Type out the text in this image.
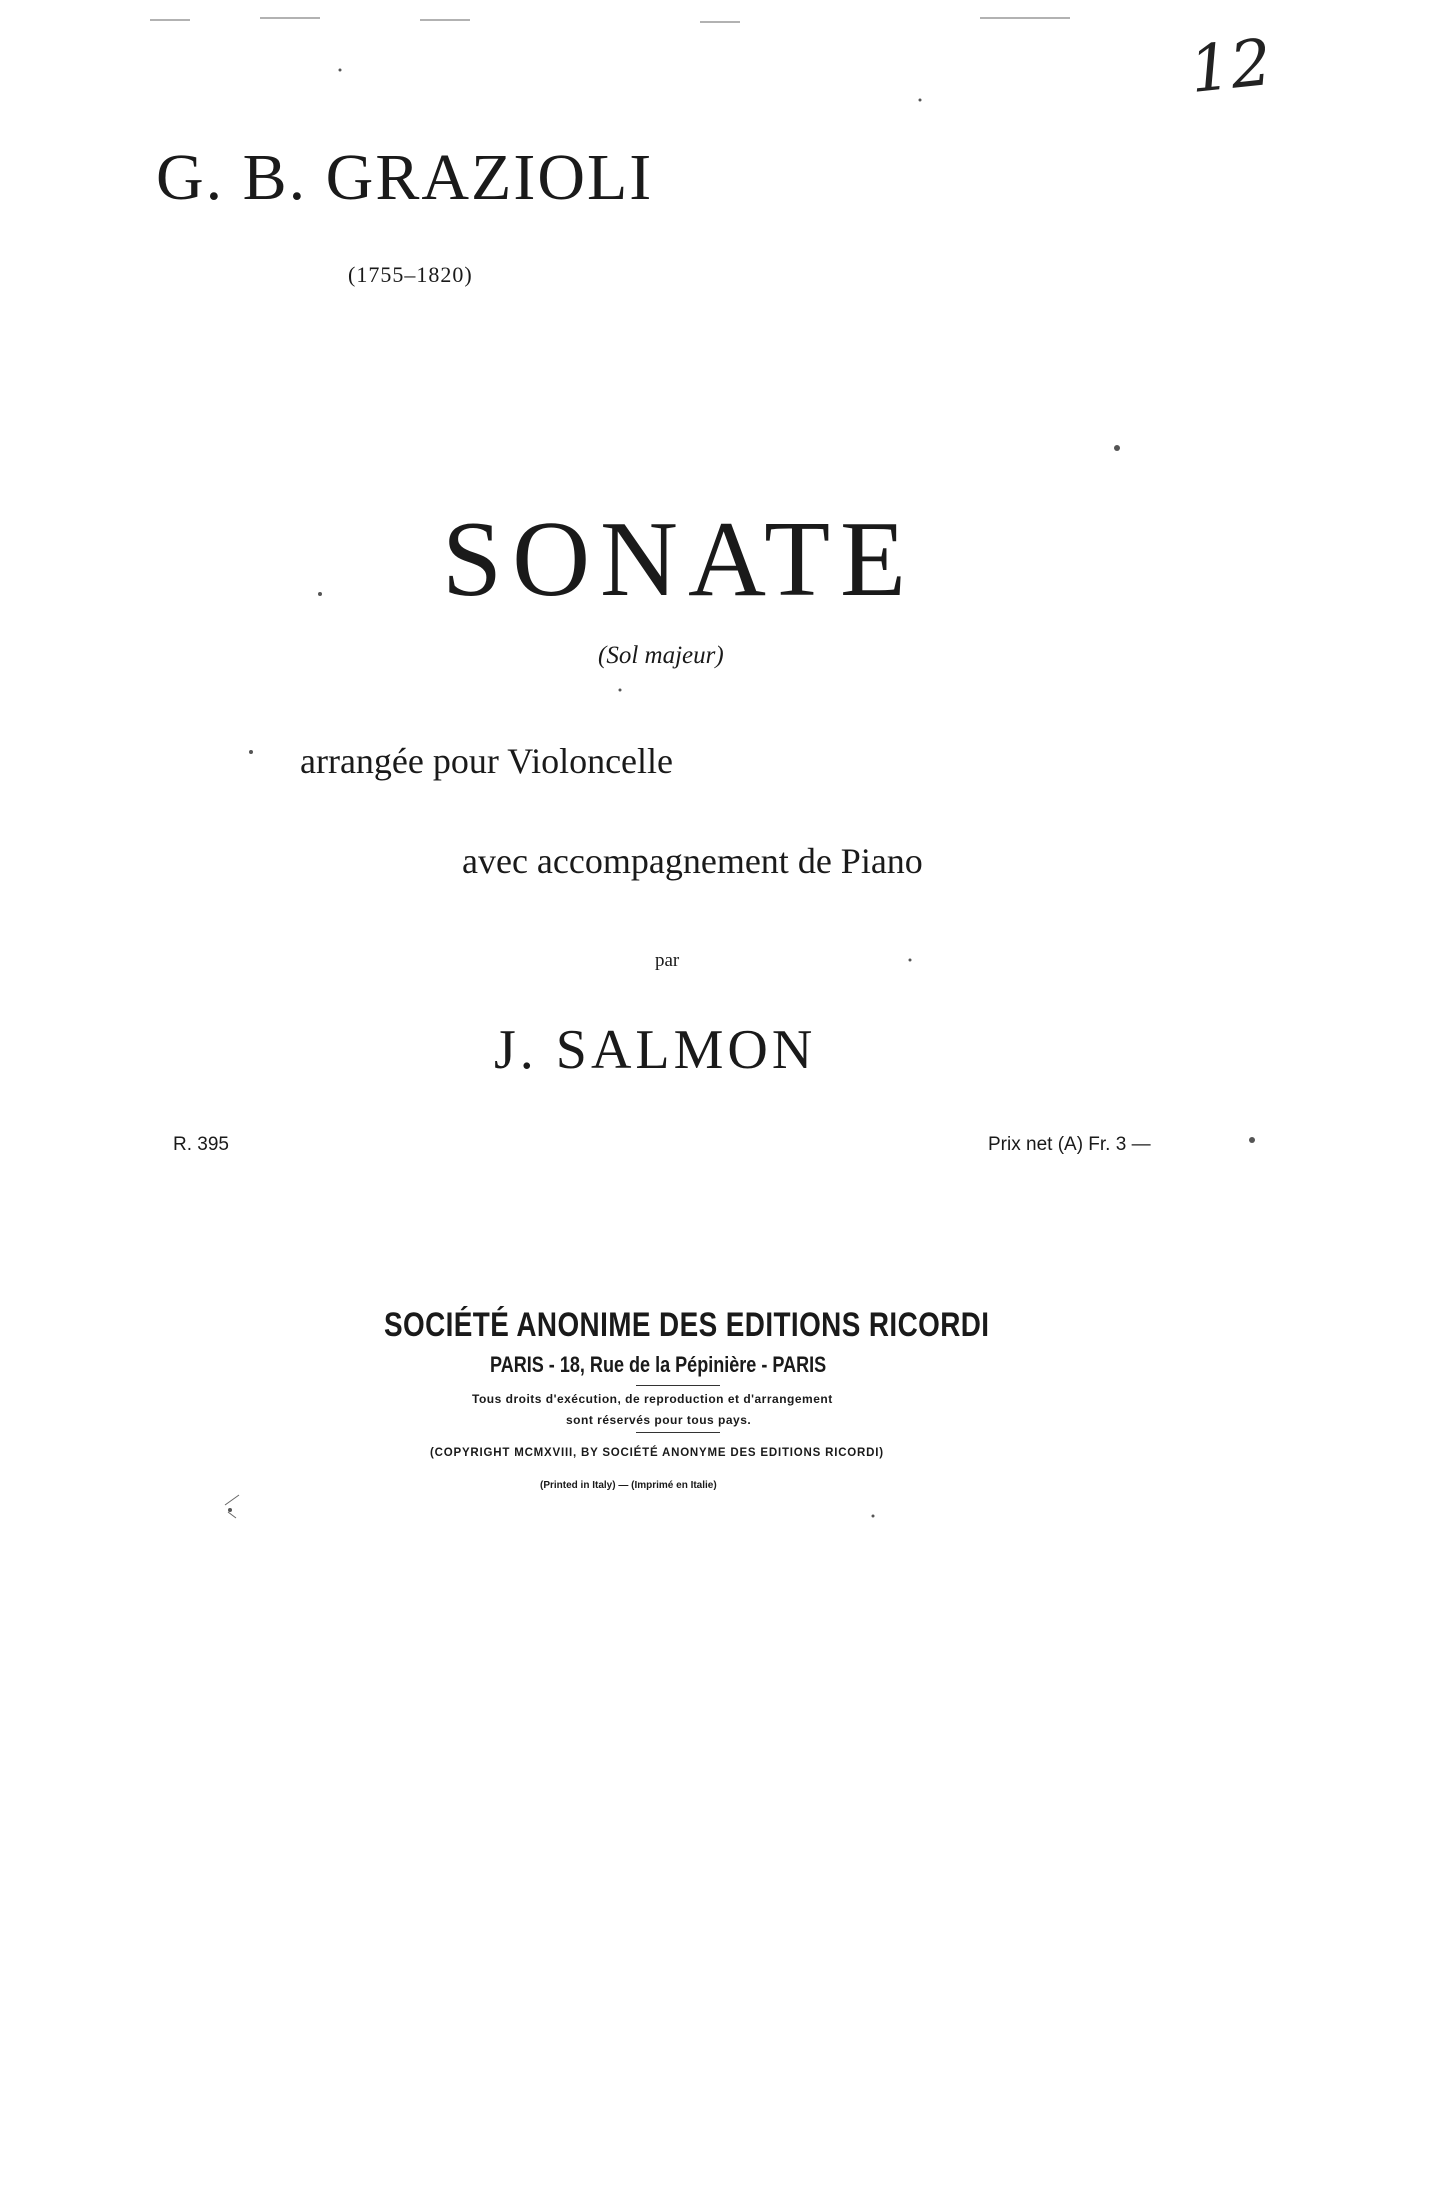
12
G. B. GRAZIOLI
(1755–1820)
SONATE
(Sol majeur)
arrangée pour Violoncelle
avec accompagnement de Piano
par
J. SALMON
R. 395	Prix net (A) Fr. 3 —
SOCIÉTÉ ANONIME DES EDITIONS RICORDI
PARIS - 18, Rue de la Pépinière - PARIS
Tous droits d'exécution, de reproduction et d'arrangement
sont réservés pour tous pays.
(COPYRIGHT MCMXVIII, BY SOCIÉTÉ ANONYME DES EDITIONS RICORDI)
(Printed in Italy) — (Imprimé en Italie)
